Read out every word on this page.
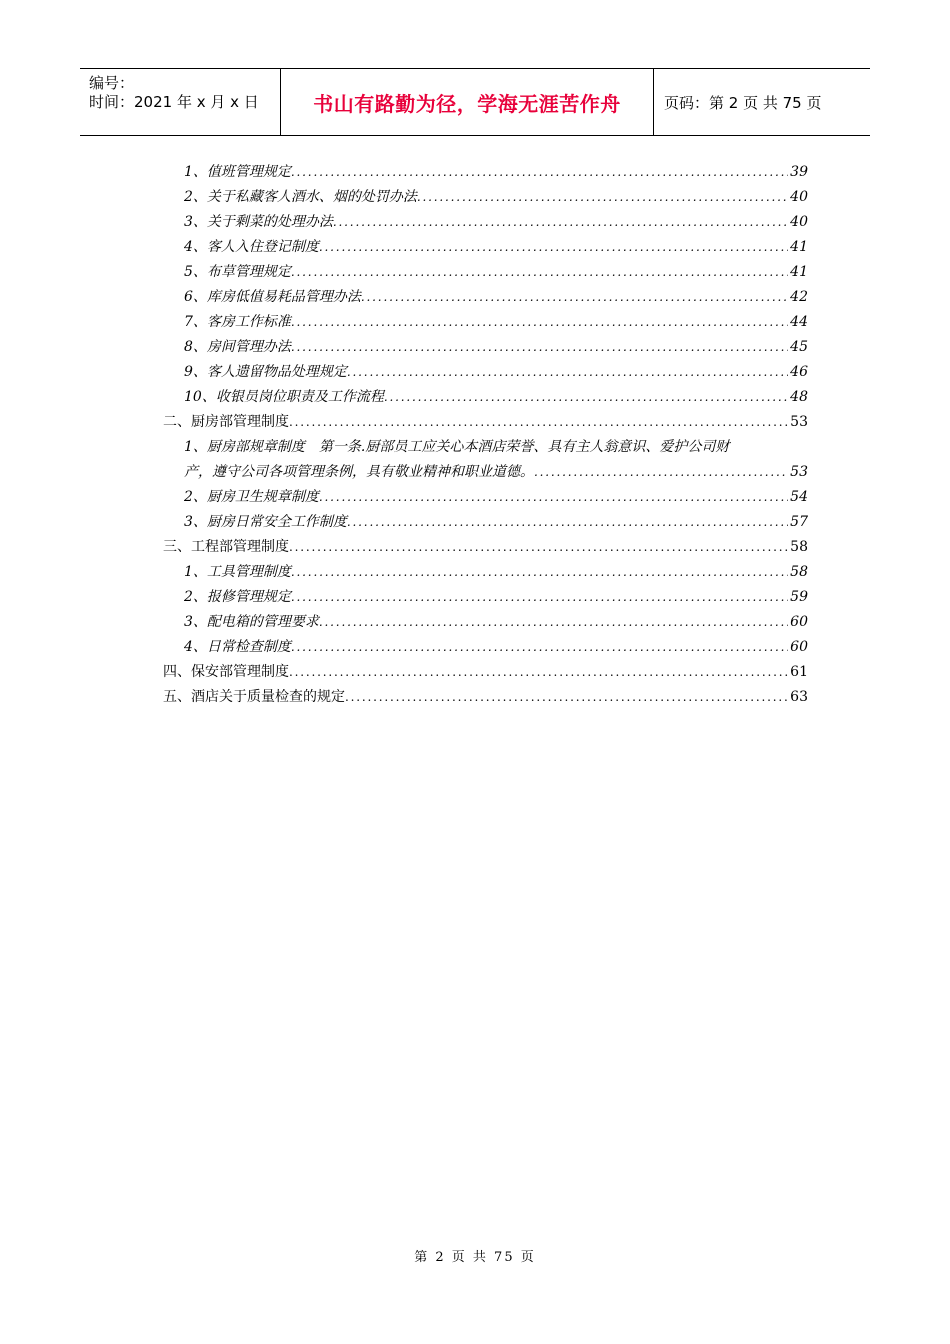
编号：
时间：2021 年 x 月 x 日	书山有路勤为径，学海无涯苦作舟	页码：第 2 页 共 75 页
1、值班管理规定 . . .	39
2、关于私藏客人酒水、烟的处罚办法 . . .	40
3、关于剩菜的处理办法 . . .	40
4、客人入住登记制度 . . .	41
5、布草管理规定 . . .	41
6、库房低值易耗品管理办法 . . .	42
7、客房工作标准 . . .	44
8、房间管理办法 . . .	45
9、客人遗留物品处理规定 . . .	46
10、收银员岗位职责及工作流程 . . .	48
二、厨房部管理制度 . . .	53
1、厨房部规章制度　第一条.厨部员工应关心本酒店荣誉、具有主人翁意识、爱护公司财
产，遵守公司各项管理条例，具有敬业精神和职业道德。 . . .	53
2、厨房卫生规章制度 . . .	54
3、厨房日常安全工作制度 . . .	57
三、工程部管理制度 . . .	58
1、工具管理制度 . . .	58
2、报修管理规定 . . .	59
3、配电箱的管理要求 . . .	60
4、日常检查制度 . . .	60
四、保安部管理制度 . . .	61
五、酒店关于质量检查的规定 . . .	63
第 2 页 共 75 页
